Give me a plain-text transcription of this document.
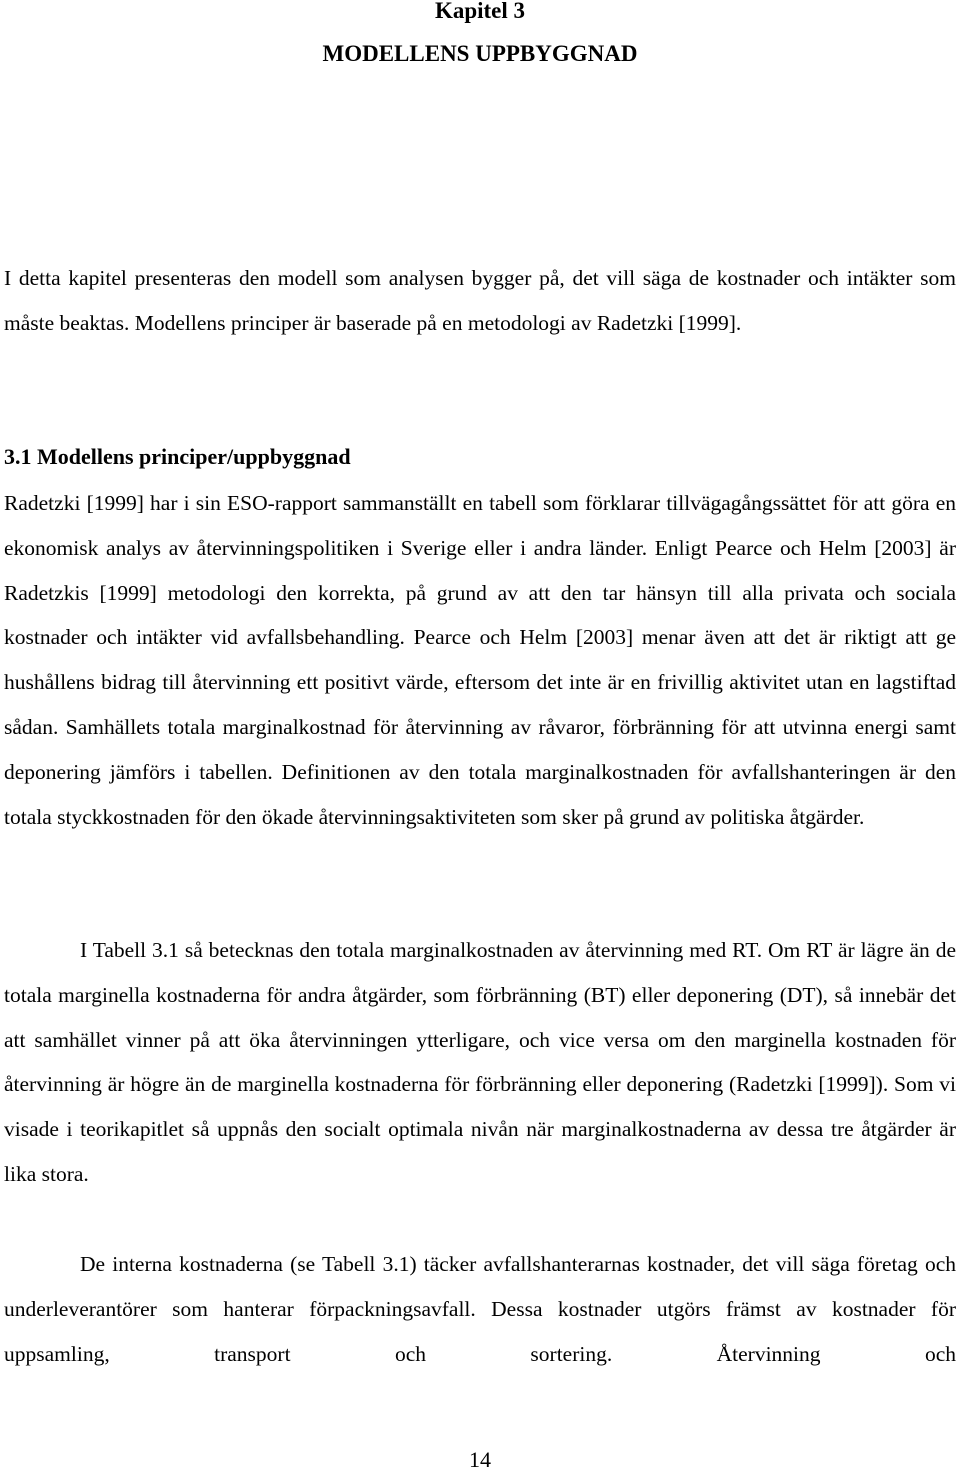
Kapitel 3
MODELLENS UPPBYGGNAD

I detta kapitel presenteras den modell som analysen bygger på, det vill säga de kostnader och intäkter som måste beaktas. Modellens principer är baserade på en metodologi av Radetzki [1999].

3.1 Modellens principer/uppbyggnad

Radetzki [1999] har i sin ESO-rapport sammanställt en tabell som förklarar tillvägagångssättet för att göra en ekonomisk analys av återvinningspolitiken i Sverige eller i andra länder. Enligt Pearce och Helm [2003] är Radetzkis [1999] metodologi den korrekta, på grund av att den tar hänsyn till alla privata och sociala kostnader och intäkter vid avfallsbehandling. Pearce och Helm [2003] menar även att det är riktigt att ge hushållens bidrag till återvinning ett positivt värde, eftersom det inte är en frivillig aktivitet utan en lagstiftad sådan. Samhällets totala marginalkostnad för återvinning av råvaror, förbränning för att utvinna energi samt deponering jämförs i tabellen. Definitionen av den totala marginalkostnaden för avfallshanteringen är den totala styckkostnaden för den ökade återvinningsaktiviteten som sker på grund av politiska åtgärder.

I Tabell 3.1 så betecknas den totala marginalkostnaden av återvinning med RT. Om RT är lägre än de totala marginella kostnaderna för andra åtgärder, som förbränning (BT) eller deponering (DT), så innebär det att samhället vinner på att öka återvinningen ytterligare, och vice versa om den marginella kostnaden för återvinning är högre än de marginella kostnaderna för förbränning eller deponering (Radetzki [1999]). Som vi visade i teorikapitlet så uppnås den socialt optimala nivån när marginalkostnaderna av dessa tre åtgärder är lika stora.

De interna kostnaderna (se Tabell 3.1) täcker avfallshanterarnas kostnader, det vill säga företag och underleverantörer som hanterar förpackningsavfall. Dessa kostnader utgörs främst av kostnader för uppsamling, transport och sortering. Återvinning och

14
